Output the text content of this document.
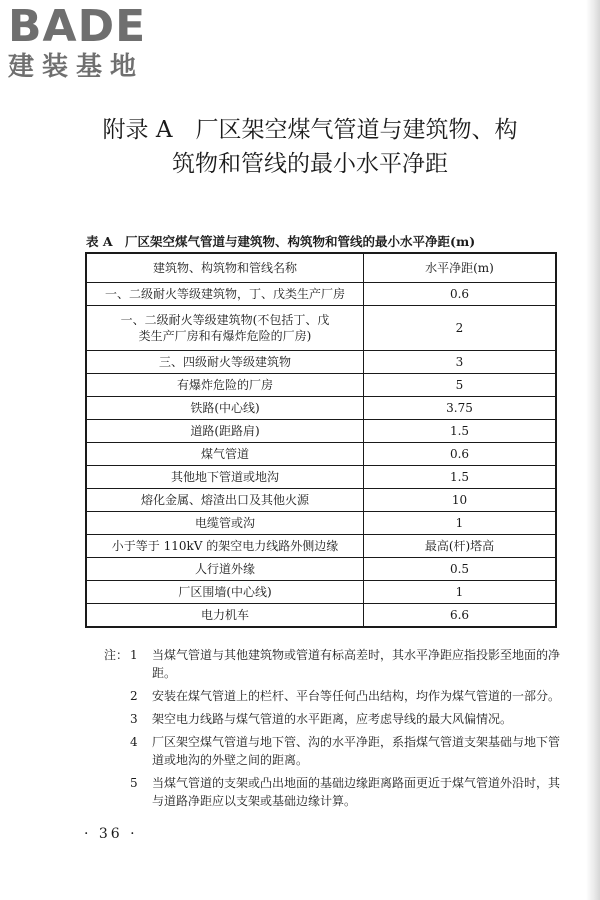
BADE
建装基地
附录 A　厂区架空煤气管道与建筑物、构
筑物和管线的最小水平净距
表 A　厂区架空煤气管道与建筑物、构筑物和管线的最小水平净距(m)
建筑物、构筑物和管线名称	水平净距(m)
一、二级耐火等级建筑物，丁、戊类生产厂房	0.6

一、二级耐火等级建筑物(不包括丁、戊
类生产厂房和有爆炸危险的厂房)	2
三、四级耐火等级建筑物	3
有爆炸危险的厂房	5
铁路(中心线)	3.75
道路(距路肩)	1.5
煤气管道	0.6
其他地下管道或地沟	1.5
熔化金属、熔渣出口及其他火源	10
电缆管或沟	1
小于等于 110kV 的架空电力线路外侧边缘	最高(杆)塔高
人行道外缘	0.5
厂区围墙(中心线)	1
电力机车	6.6
注： 1	当煤气管道与其他建筑物或管道有标高差时，其水平净距应指投影至地面的净距。
2	安装在煤气管道上的栏杆、平台等任何凸出结构，均作为煤气管道的一部分。
3	架空电力线路与煤气管道的水平距离，应考虑导线的最大风偏情况。
4	厂区架空煤气管道与地下管、沟的水平净距，系指煤气管道支架基础与地下管道或地沟的外壁之间的距离。
5	当煤气管道的支架或凸出地面的基础边缘距离路面更近于煤气管道外沿时，其与道路净距应以支架或基础边缘计算。
· 36 ·
